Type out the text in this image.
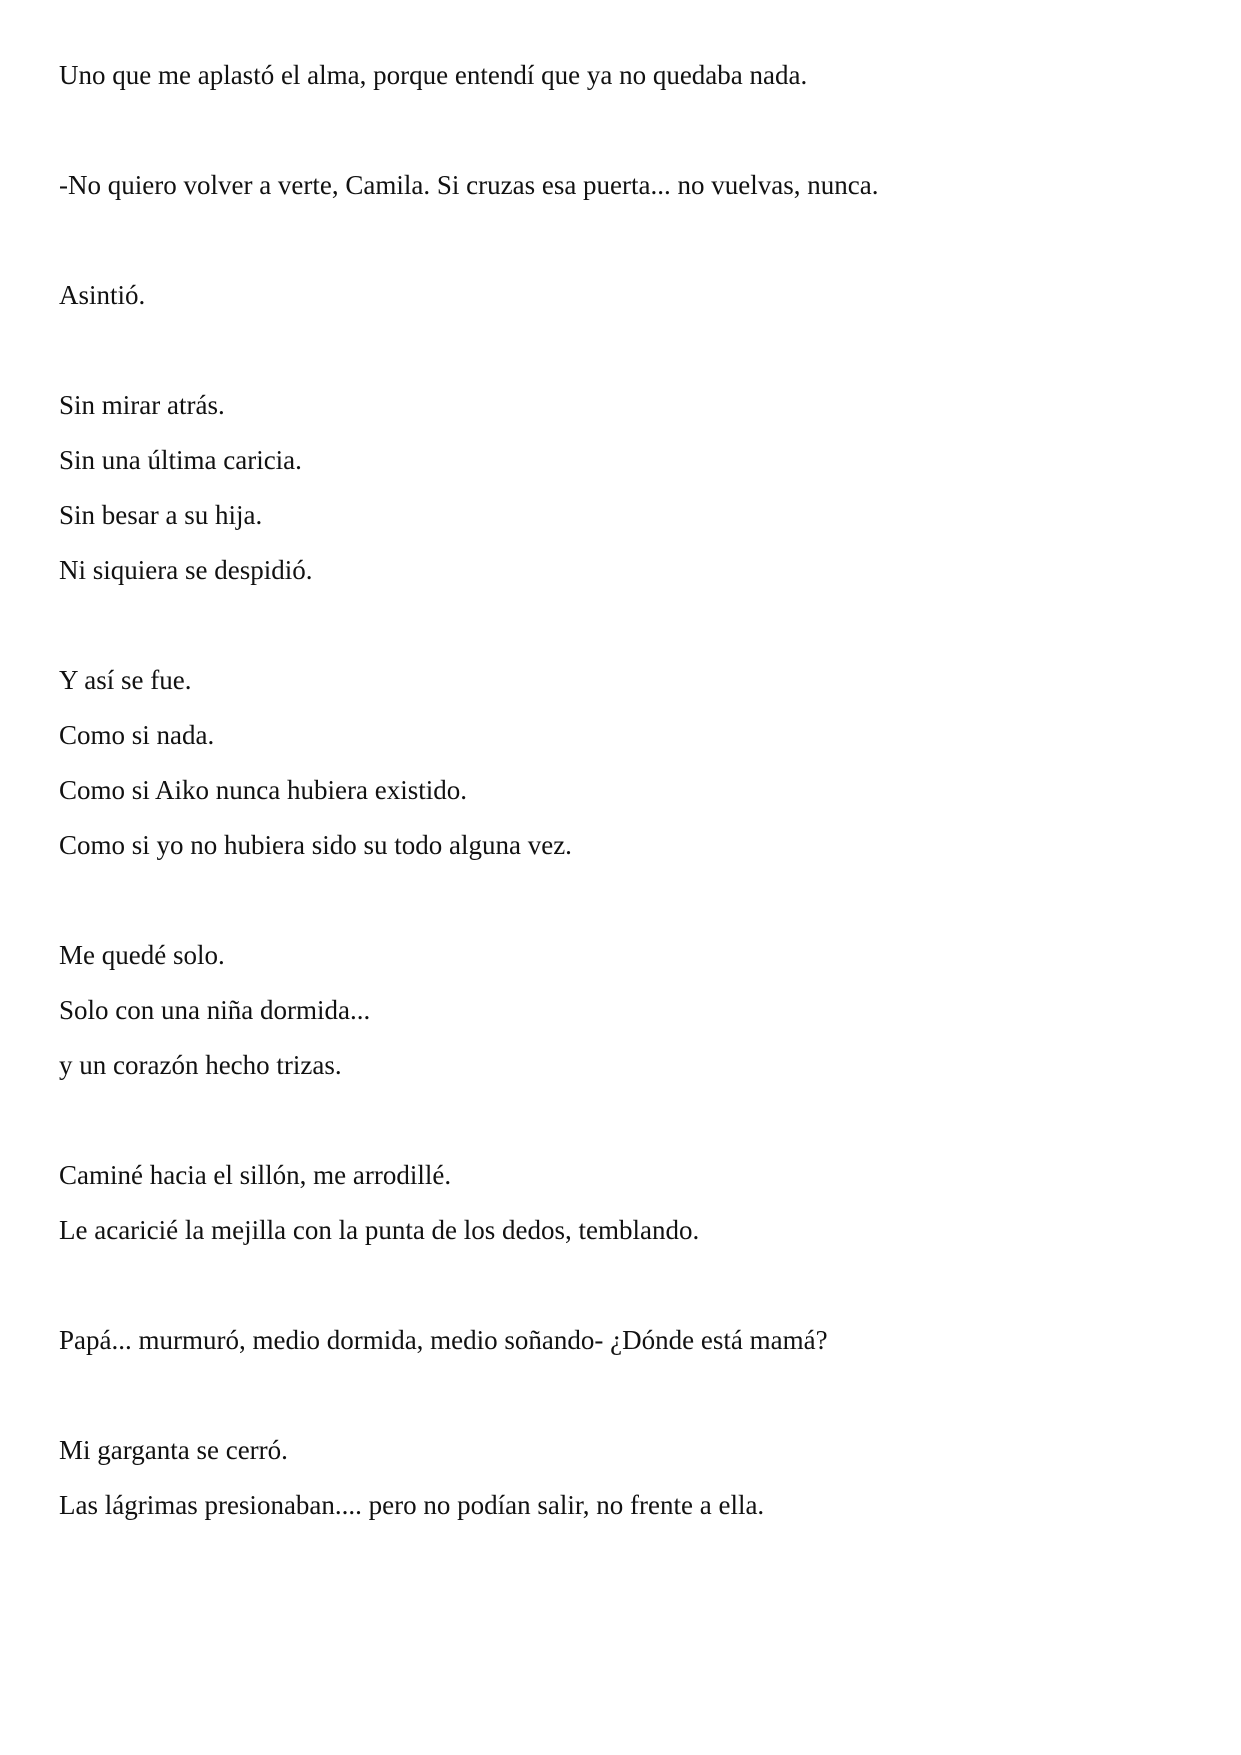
Uno que me aplastó el alma, porque entendí que ya no quedaba nada.

-No quiero volver a verte, Camila. Si cruzas esa puerta... no vuelvas, nunca.

Asintió.

Sin mirar atrás.

Sin una última caricia.

Sin besar a su hija.

Ni siquiera se despidió.

Y así se fue.

Como si nada.

Como si Aiko nunca hubiera existido.

Como si yo no hubiera sido su todo alguna vez.

Me quedé solo.

Solo con una niña dormida...

y un corazón hecho trizas.

Caminé hacia el sillón, me arrodillé.

Le acaricié la mejilla con la punta de los dedos, temblando.

Papá... murmuró, medio dormida, medio soñando- ¿Dónde está mamá?

Mi garganta se cerró.

Las lágrimas presionaban.... pero no podían salir, no frente a ella.
